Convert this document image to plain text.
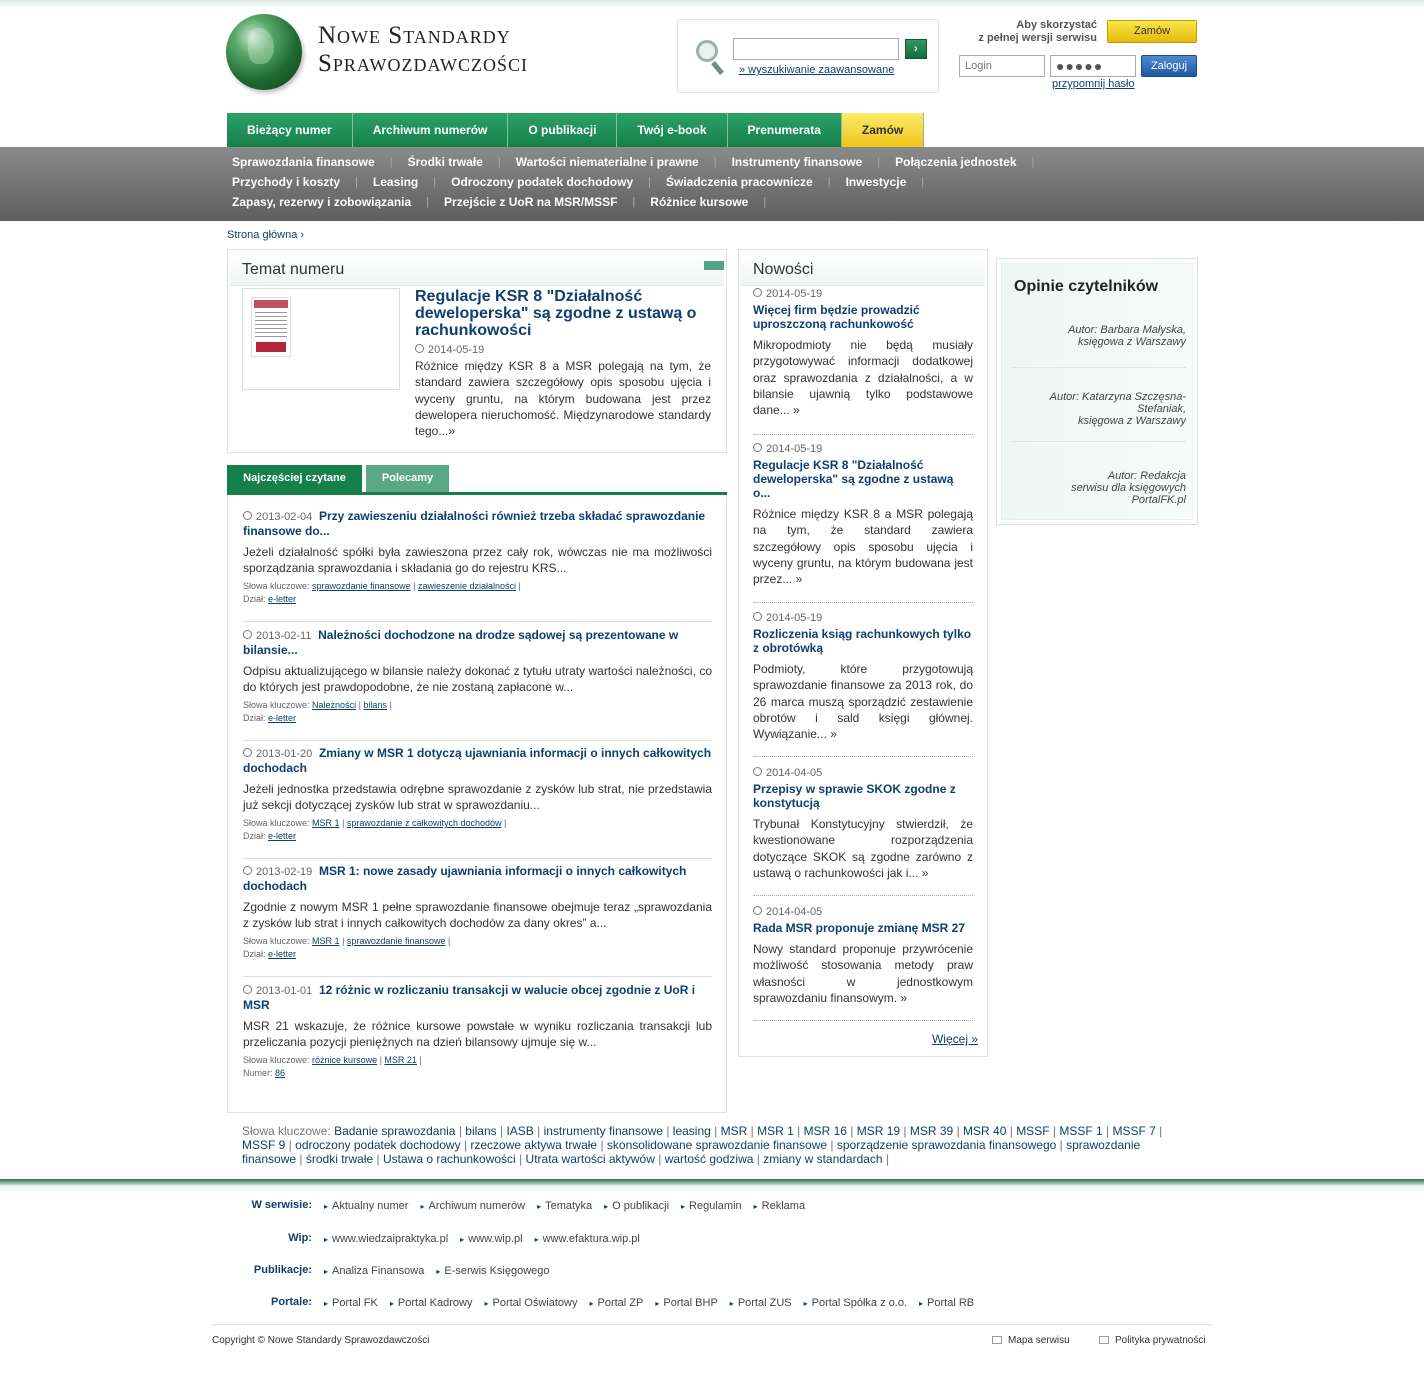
Nowe Standardy
Sprawozdawczości
›
» wyszukiwanie zaawansowane
Aby skorzystać
z pełnej wersji serwisu
Zamów
Login
●●●●●
Zaloguj
przypomnij hasło
Bieżący numer	Archiwum numerów	O publikacji	Twój e-book	Prenumerata	Zamów
Sprawozdania finansowe	|	Środki trwałe	|	Wartości niematerialne i prawne	|	Instrumenty finansowe	|	Połączenia jednostek	|
Przychody i koszty	|	Leasing	|	Odroczony podatek dochodowy	|	Świadczenia pracownicze	|	Inwestycje	|
Zapasy, rezerwy i zobowiązania	|	Przejście z UoR na MSR/MSSF	|	Różnice kursowe	|
Strona główna ›
Temat numeru
Regulacje KSR 8 "Działalność deweloperska" są zgodne z ustawą o rachunkowości
2014-05-19
Różnice między KSR 8 a MSR polegają na tym, że standard zawiera szczegółowy opis sposobu ujęcia i wyceny gruntu, na którym budowana jest przez dewelopera nieruchomość. Międzynarodowe standardy tego...»
Najczęściej czytane	Polecamy
2013-02-04 Przy zawieszeniu działalności również trzeba składać sprawozdanie finansowe do...
Jeżeli działalność spółki była zawieszona przez cały rok, wówczas nie ma możliwości sporządzania sprawozdania i składania go do rejestru KRS...
Słowa kluczowe: sprawozdanie finansowe | zawieszenie działalności |
Dział: e-letter
2013-02-11 Należności dochodzone na drodze sądowej są prezentowane w bilansie...
Odpisu aktualizującego w bilansie należy dokonać z tytułu utraty wartości należności, co do których jest prawdopodobne, że nie zostaną zapłacone w...
Słowa kluczowe: Należności | bilans |
Dział: e-letter
2013-01-20 Zmiany w MSR 1 dotyczą ujawniania informacji o innych całkowitych dochodach
Jeżeli jednostka przedstawia odrębne sprawozdanie z zysków lub strat, nie przedstawia już sekcji dotyczącej zysków lub strat w sprawozdaniu...
Słowa kluczowe: MSR 1 | sprawozdanie z całkowitych dochodów |
Dział: e-letter
2013-02-19 MSR 1: nowe zasady ujawniania informacji o innych całkowitych dochodach
Zgodnie z nowym MSR 1 pełne sprawozdanie finansowe obejmuje teraz „sprawozdania z zysków lub strat i innych całkowitych dochodów za dany okres” a...
Słowa kluczowe: MSR 1 | sprawozdanie finansowe |
Dział: e-letter
2013-01-01 12 różnic w rozliczaniu transakcji w walucie obcej zgodnie z UoR i MSR
MSR 21 wskazuje, że różnice kursowe powstałe w wyniku rozliczania transakcji lub przeliczania pozycji pieniężnych na dzień bilansowy ujmuje się w...
Słowa kluczowe: różnice kursowe | MSR 21 |
Numer: 86
Nowości
2014-05-19
Więcej firm będzie prowadzić uproszczoną rachunkowość
Mikropodmioty nie będą musiały przygotowywać informacji dodatkowej oraz sprawozdania z działalności, a w bilansie ujawnią tylko podstawowe dane... »
2014-05-19
Regulacje KSR 8 "Działalność deweloperska" są zgodne z ustawą o...
Różnice między KSR 8 a MSR polegają na tym, że standard zawiera szczegółowy opis sposobu ujęcia i wyceny gruntu, na którym budowana jest przez... »
2014-05-19
Rozliczenia ksiąg rachunkowych tylko z obrotówką
Podmioty, które przygotowują sprawozdanie finansowe za 2013 rok, do 26 marca muszą sporządzić zestawienie obrotów i sald księgi głównej. Wywiązanie... »
2014-04-05
Przepisy w sprawie SKOK zgodne z konstytucją
Trybunał Konstytucyjny stwierdził, że kwestionowane rozporządzenia dotyczące SKOK są zgodne zarówno z ustawą o rachunkowości jak i... »
2014-04-05
Rada MSR proponuje zmianę MSR 27
Nowy standard proponuje przywrócenie możliwość stosowania metody praw własności w jednostkowym sprawozdaniu finansowym. »
Więcej »
Opinie czytelników
Autor: Barbara Małyska,
księgowa z Warszawy
Autor: Katarzyna Szczęsna-
Stefaniak,
księgowa z Warszawy
Autor: Redakcja
serwisu dla księgowych
PortalFK.pl
Słowa kluczowe: Badanie sprawozdania | bilans | IASB | instrumenty finansowe | leasing | MSR | MSR 1 | MSR 16 | MSR 19 | MSR 39 | MSR 40 | MSSF | MSSF 1 | MSSF 7 | MSSF 9 | odroczony podatek dochodowy | rzeczowe aktywa trwałe | skonsolidowane sprawozdanie finansowe | sporządzenie sprawozdania finansowego | sprawozdanie finansowe | środki trwałe | Ustawa o rachunkowości | Utrata wartości aktywów | wartość godziwa | zmiany w standardach |
W serwisie:	▸ Aktualny numer	▸ Archiwum numerów	▸ Tematyka	▸ O publikacji	▸ Regulamin	▸ Reklama
Wip:	▸ www.wiedzaipraktyka.pl	▸ www.wip.pl	▸ www.efaktura.wip.pl
Publikacje:	▸ Analiza Finansowa	▸ E-serwis Księgowego
Portale:	▸ Portal FK	▸ Portal Kadrowy	▸ Portal Oświatowy	▸ Portal ZP	▸ Portal BHP	▸ Portal ZUS	▸ Portal Spółka z o.o.	▸ Portal RB
Copyright © Nowe Standardy Sprawozdawczości	Mapa serwisu	Polityka prywatności
